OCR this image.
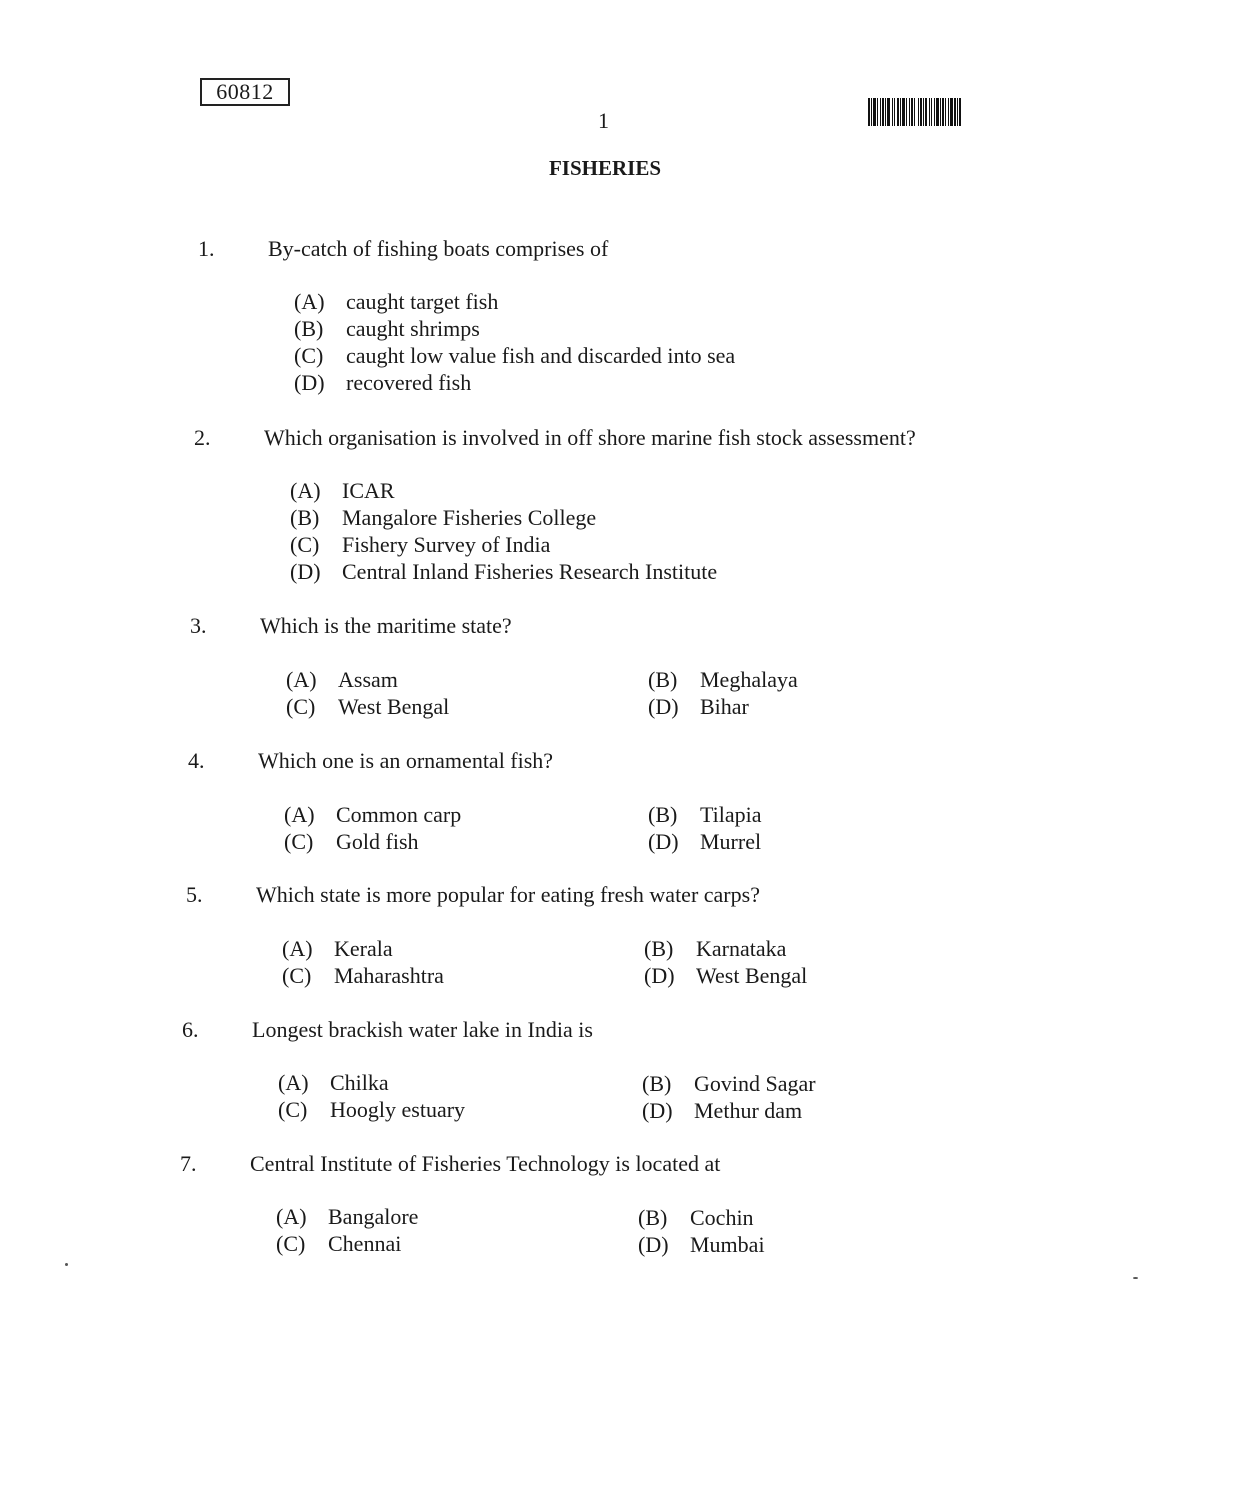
60812
1
FISHERIES
1. By-catch of fishing boats comprises of
(A) caught target fish
(B) caught shrimps
(C) caught low value fish and discarded into sea
(D) recovered fish
2. Which organisation is involved in off shore marine fish stock assessment?
(A) ICAR
(B) Mangalore Fisheries College
(C) Fishery Survey of India
(D) Central Inland Fisheries Research Institute
3. Which is the maritime state?
(A) Assam	(B) Meghalaya
(C) West Bengal	(D) Bihar
4. Which one is an ornamental fish?
(A) Common carp	(B) Tilapia
(C) Gold fish	(D) Murrel
5. Which state is more popular for eating fresh water carps?
(A) Kerala	(B) Karnataka
(C) Maharashtra	(D) West Bengal
6. Longest brackish water lake in India is
(A) Chilka	(B) Govind Sagar
(C) Hoogly estuary	(D) Methur dam
7. Central Institute of Fisheries Technology is located at
(A) Bangalore	(B) Cochin
(C) Chennai	(D) Mumbai
